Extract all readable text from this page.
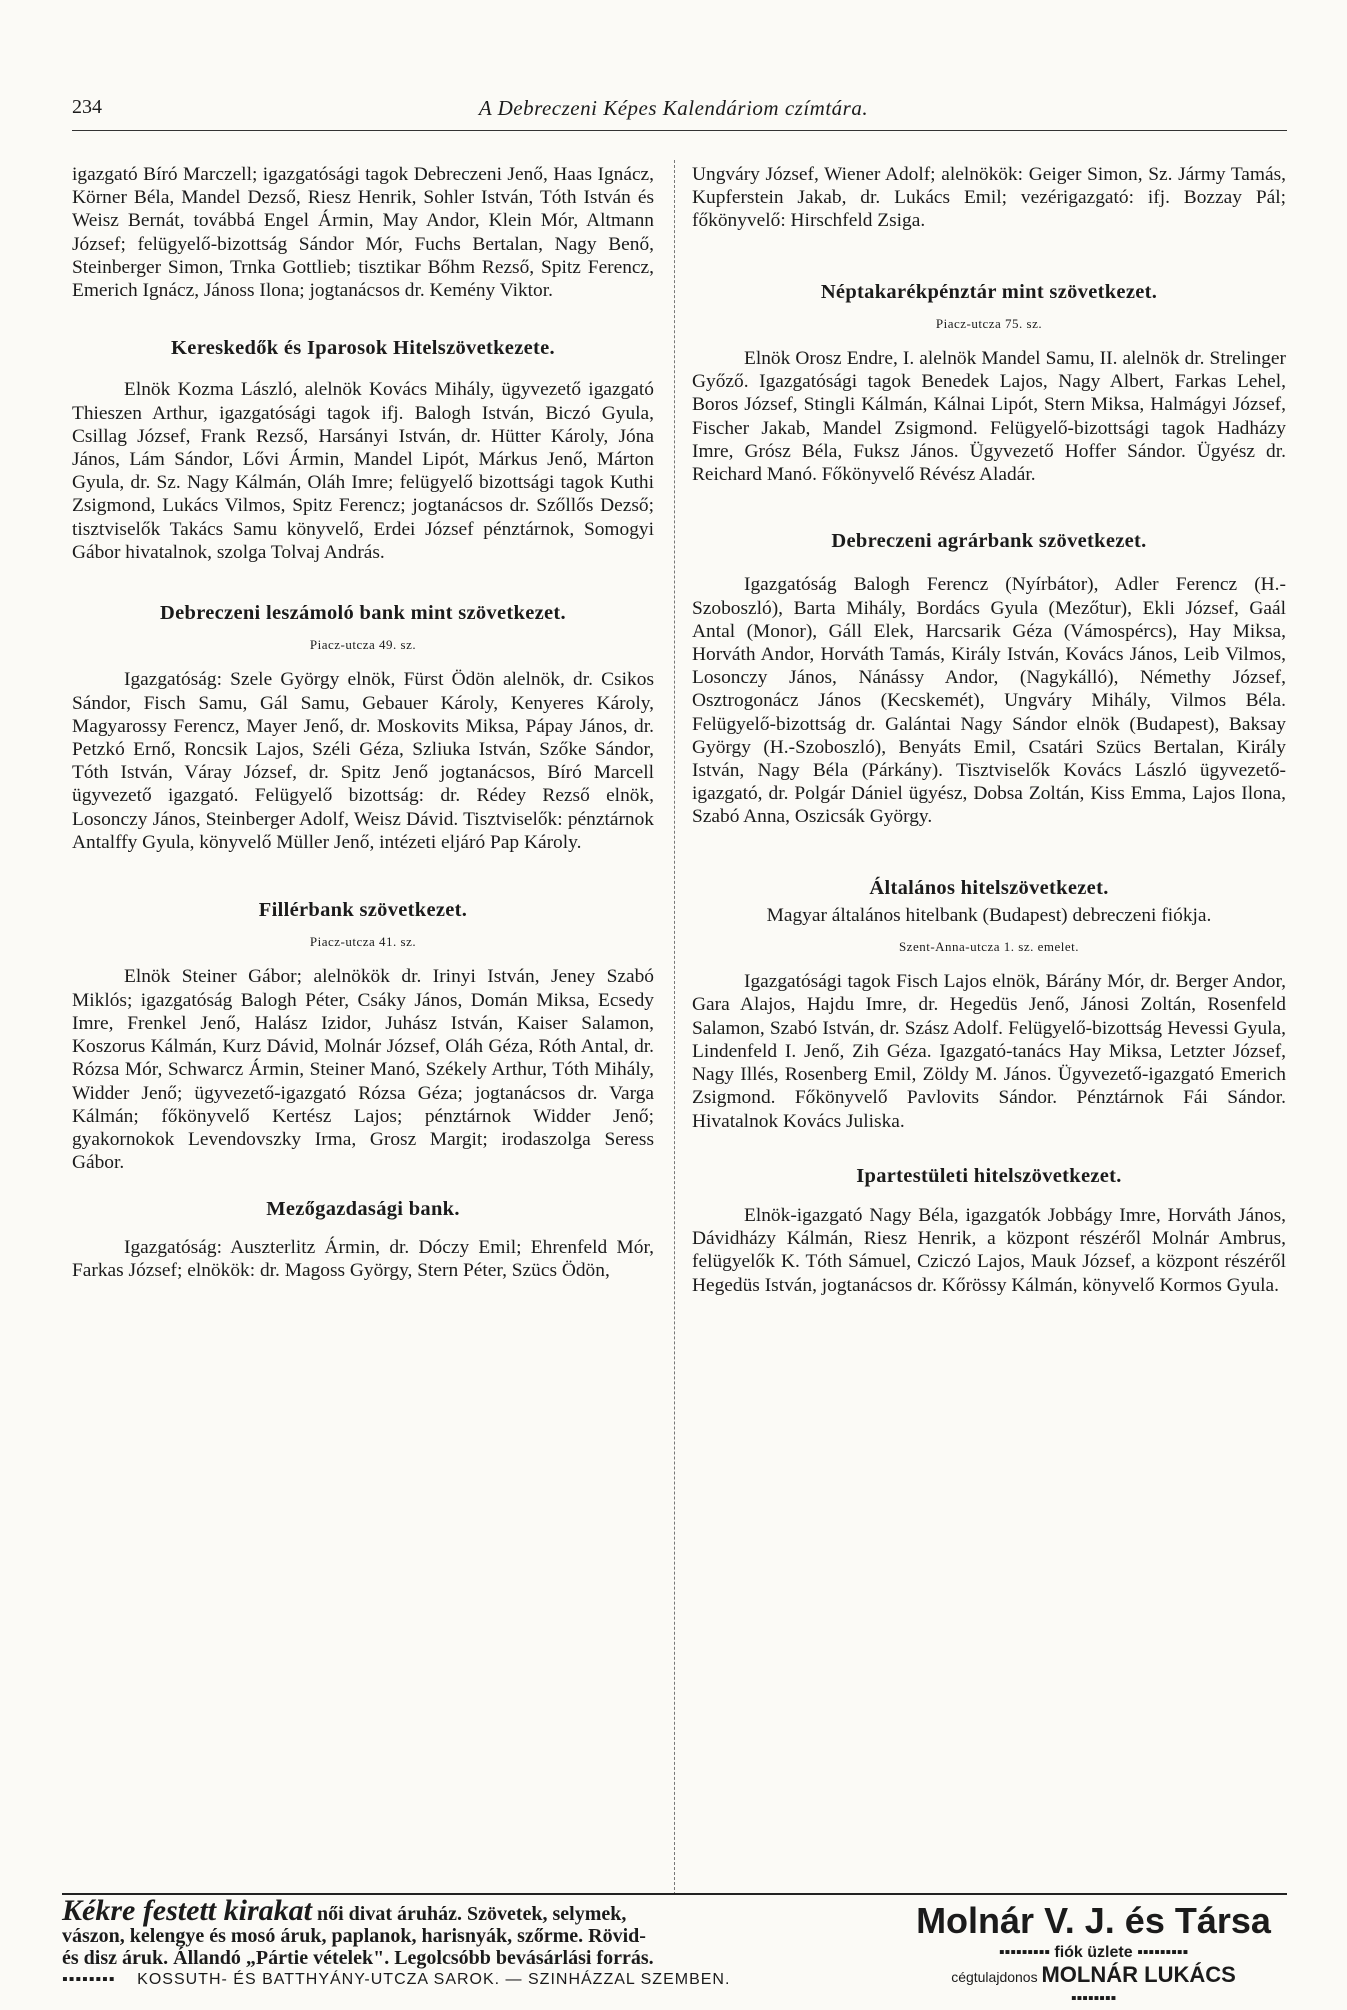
234	A Debreczeni Képes Kalendáriom czímtára.

igazgató Bíró Marczell; igazgatósági tagok Debreczeni Jenő, Haas Ignácz, Körner Béla, Mandel Dezső, Riesz Henrik, Sohler István, Tóth István és Weisz Bernát, továbbá Engel Ármin, May Andor, Klein Mór, Altmann József; felügyelő-bizottság Sándor Mór, Fuchs Bertalan, Nagy Benő, Steinberger Simon, Trnka Gottlieb; tisztikar Bőhm Rezső, Spitz Ferencz, Emerich Ignácz, Jánoss Ilona; jogtanácsos dr. Kemény Viktor.

Kereskedők és Iparosok Hitelszövetkezete.

Elnök Kozma László, alelnök Kovács Mihály, ügyvezető igazgató Thieszen Arthur, igazgatósági tagok ifj. Balogh István, Biczó Gyula, Csillag József, Frank Rezső, Harsányi István, dr. Hütter Károly, Jóna János, Lám Sándor, Lővi Ármin, Mandel Lipót, Márkus Jenő, Márton Gyula, dr. Sz. Nagy Kálmán, Oláh Imre; felügyelő bizottsági tagok Kuthi Zsigmond, Lukács Vilmos, Spitz Ferencz; jogtanácsos dr. Szőllős Dezső; tisztviselők Takács Samu könyvelő, Erdei József pénztárnok, Somogyi Gábor hivatalnok, szolga Tolvaj András.

Debreczeni leszámoló bank mint szövetkezet.
Piacz-utcza 49. sz.

Igazgatóság: Szele György elnök, Fürst Ödön alelnök, dr. Csikos Sándor, Fisch Samu, Gál Samu, Gebauer Károly, Kenyeres Károly, Magyarossy Ferencz, Mayer Jenő, dr. Moskovits Miksa, Pápay János, dr. Petzkó Ernő, Roncsik Lajos, Széli Géza, Szliuka István, Szőke Sándor, Tóth István, Váray József, dr. Spitz Jenő jogtanácsos, Bíró Marcell ügyvezető igazgató. Felügyelő bizottság: dr. Rédey Rezső elnök, Losonczy János, Steinberger Adolf, Weisz Dávid. Tisztviselők: pénztárnok Antalffy Gyula, könyvelő Müller Jenő, intézeti eljáró Pap Károly.

Fillérbank szövetkezet.
Piacz-utcza 41. sz.

Elnök Steiner Gábor; alelnökök dr. Irinyi István, Jeney Szabó Miklós; igazgatóság Balogh Péter, Csáky János, Domán Miksa, Ecsedy Imre, Frenkel Jenő, Halász Izidor, Juhász István, Kaiser Salamon, Koszorus Kálmán, Kurz Dávid, Molnár József, Oláh Géza, Róth Antal, dr. Rózsa Mór, Schwarcz Ármin, Steiner Manó, Székely Arthur, Tóth Mihály, Widder Jenő; ügyvezető-igazgató Rózsa Géza; jogtanácsos dr. Varga Kálmán; főkönyvelő Kertész Lajos; pénztárnok Widder Jenő; gyakornokok Levendovszky Irma, Grosz Margit; irodaszolga Seress Gábor.

Mezőgazdasági bank.

Igazgatóság: Auszterlitz Ármin, dr. Dóczy Emil; Ehrenfeld Mór, Farkas József; elnökök: dr. Magoss György, Stern Péter, Szücs Ödön,

Ungváry József, Wiener Adolf; alelnökök: Geiger Simon, Sz. Jármy Tamás, Kupferstein Jakab, dr. Lukács Emil; vezérigazgató: ifj. Bozzay Pál; főkönyvelő: Hirschfeld Zsiga.

Néptakarékpénztár mint szövetkezet.
Piacz-utcza 75. sz.

Elnök Orosz Endre, I. alelnök Mandel Samu, II. alelnök dr. Strelinger Győző. Igazgatósági tagok Benedek Lajos, Nagy Albert, Farkas Lehel, Boros József, Stingli Kálmán, Kálnai Lipót, Stern Miksa, Halmágyi József, Fischer Jakab, Mandel Zsigmond. Felügyelő-bizottsági tagok Hadházy Imre, Grósz Béla, Fuksz János. Ügyvezető Hoffer Sándor. Ügyész dr. Reichard Manó. Főkönyvelő Révész Aladár.

Debreczeni agrárbank szövetkezet.

Igazgatóság Balogh Ferencz (Nyírbátor), Adler Ferencz (H.-Szoboszló), Barta Mihály, Bordács Gyula (Mezőtur), Ekli József, Gaál Antal (Monor), Gáll Elek, Harcsarik Géza (Vámospércs), Hay Miksa, Horváth Andor, Horváth Tamás, Király István, Kovács János, Leib Vilmos, Losonczy János, Nánássy Andor, (Nagykálló), Némethy József, Osztrogonácz János (Kecskemét), Ungváry Mihály, Vilmos Béla. Felügyelő-bizottság dr. Galántai Nagy Sándor elnök (Budapest), Baksay György (H.-Szoboszló), Benyáts Emil, Csatári Szücs Bertalan, Király István, Nagy Béla (Párkány). Tisztviselők Kovács László ügyvezető-igazgató, dr. Polgár Dániel ügyész, Dobsa Zoltán, Kiss Emma, Lajos Ilona, Szabó Anna, Oszicsák György.

Általános hitelszövetkezet.

Magyar általános hitelbank (Budapest) debreczeni fiókja.

Szent-Anna-utcza 1. sz. emelet.

Igazgatósági tagok Fisch Lajos elnök, Bárány Mór, dr. Berger Andor, Gara Alajos, Hajdu Imre, dr. Hegedüs Jenő, Jánosi Zoltán, Rosenfeld Salamon, Szabó István, dr. Szász Adolf. Felügyelő-bizottság Hevessi Gyula, Lindenfeld I. Jenő, Zih Géza. Igazgató-tanács Hay Miksa, Letzter József, Nagy Illés, Rosenberg Emil, Zöldy M. János. Ügyvezető-igazgató Emerich Zsigmond. Főkönyvelő Pavlovits Sándor. Pénztárnok Fái Sándor. Hivatalnok Kovács Juliska.

Ipartestületi hitelszövetkezet.

Elnök-igazgató Nagy Béla, igazgatók Jobbágy Imre, Horváth János, Dávidházy Kálmán, Riesz Henrik, a központ részéről Molnár Ambrus, felügyelők K. Tóth Sámuel, Cziczó Lajos, Mauk József, a központ részéről Hegedüs István, jogtanácsos dr. Kőrössy Kálmán, könyvelő Kormos Gyula.

Kékre festett kirakat női divat áruház. Szövetek, selymek,
vászon, kelengye és mosó áruk, paplanok, harisnyák, szőrme. Rövid-
és disz áruk. Állandó „Pártie vételek". Legolcsóbb bevásárlási forrás.
▪▪▪▪▪▪▪▪ KOSSUTH- ÉS BATTHYÁNY-UTCZA SAROK. — SZINHÁZZAL SZEMBEN.
Molnár V. J. és Társa
▪▪▪▪▪▪▪▪▪ fiók üzlete ▪▪▪▪▪▪▪▪▪
cégtulajdonos MOLNÁR LUKÁCS
▪▪▪▪▪▪▪▪
